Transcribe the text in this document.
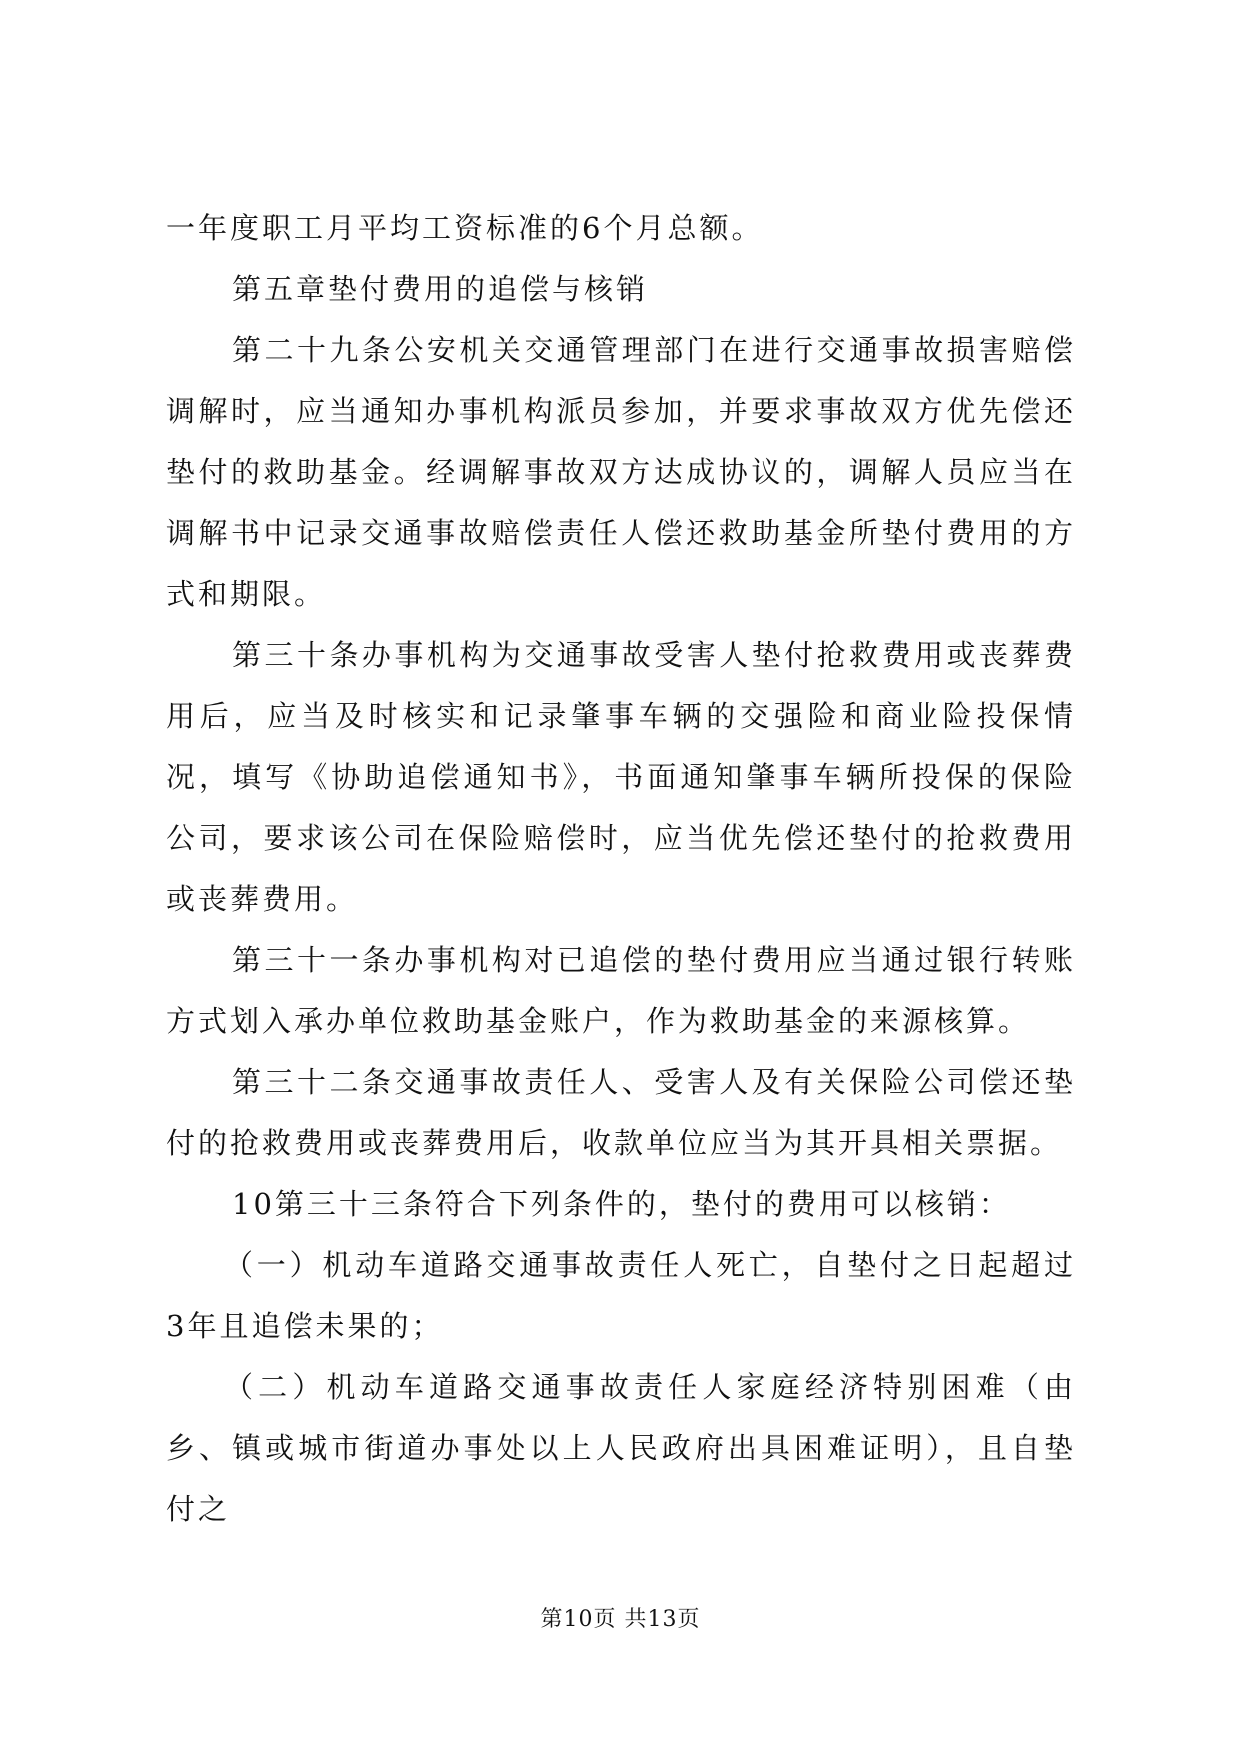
一年度职工月平均工资标准的6个月总额。

第五章垫付费用的追偿与核销

第二十九条公安机关交通管理部门在进行交通事故损害赔偿调解时，应当通知办事机构派员参加，并要求事故双方优先偿还垫付的救助基金。经调解事故双方达成协议的，调解人员应当在调解书中记录交通事故赔偿责任人偿还救助基金所垫付费用的方式和期限。

第三十条办事机构为交通事故受害人垫付抢救费用或丧葬费用后，应当及时核实和记录肇事车辆的交强险和商业险投保情况，填写《协助追偿通知书》，书面通知肇事车辆所投保的保险公司，要求该公司在保险赔偿时，应当优先偿还垫付的抢救费用或丧葬费用。

第三十一条办事机构对已追偿的垫付费用应当通过银行转账方式划入承办单位救助基金账户，作为救助基金的来源核算。

第三十二条交通事故责任人、受害人及有关保险公司偿还垫付的抢救费用或丧葬费用后，收款单位应当为其开具相关票据。

10第三十三条符合下列条件的，垫付的费用可以核销：

（一）机动车道路交通事故责任人死亡，自垫付之日起超过3年且追偿未果的；

（二）机动车道路交通事故责任人家庭经济特别困难（由乡、镇或城市街道办事处以上人民政府出具困难证明），且自垫付之

第10页 共13页
